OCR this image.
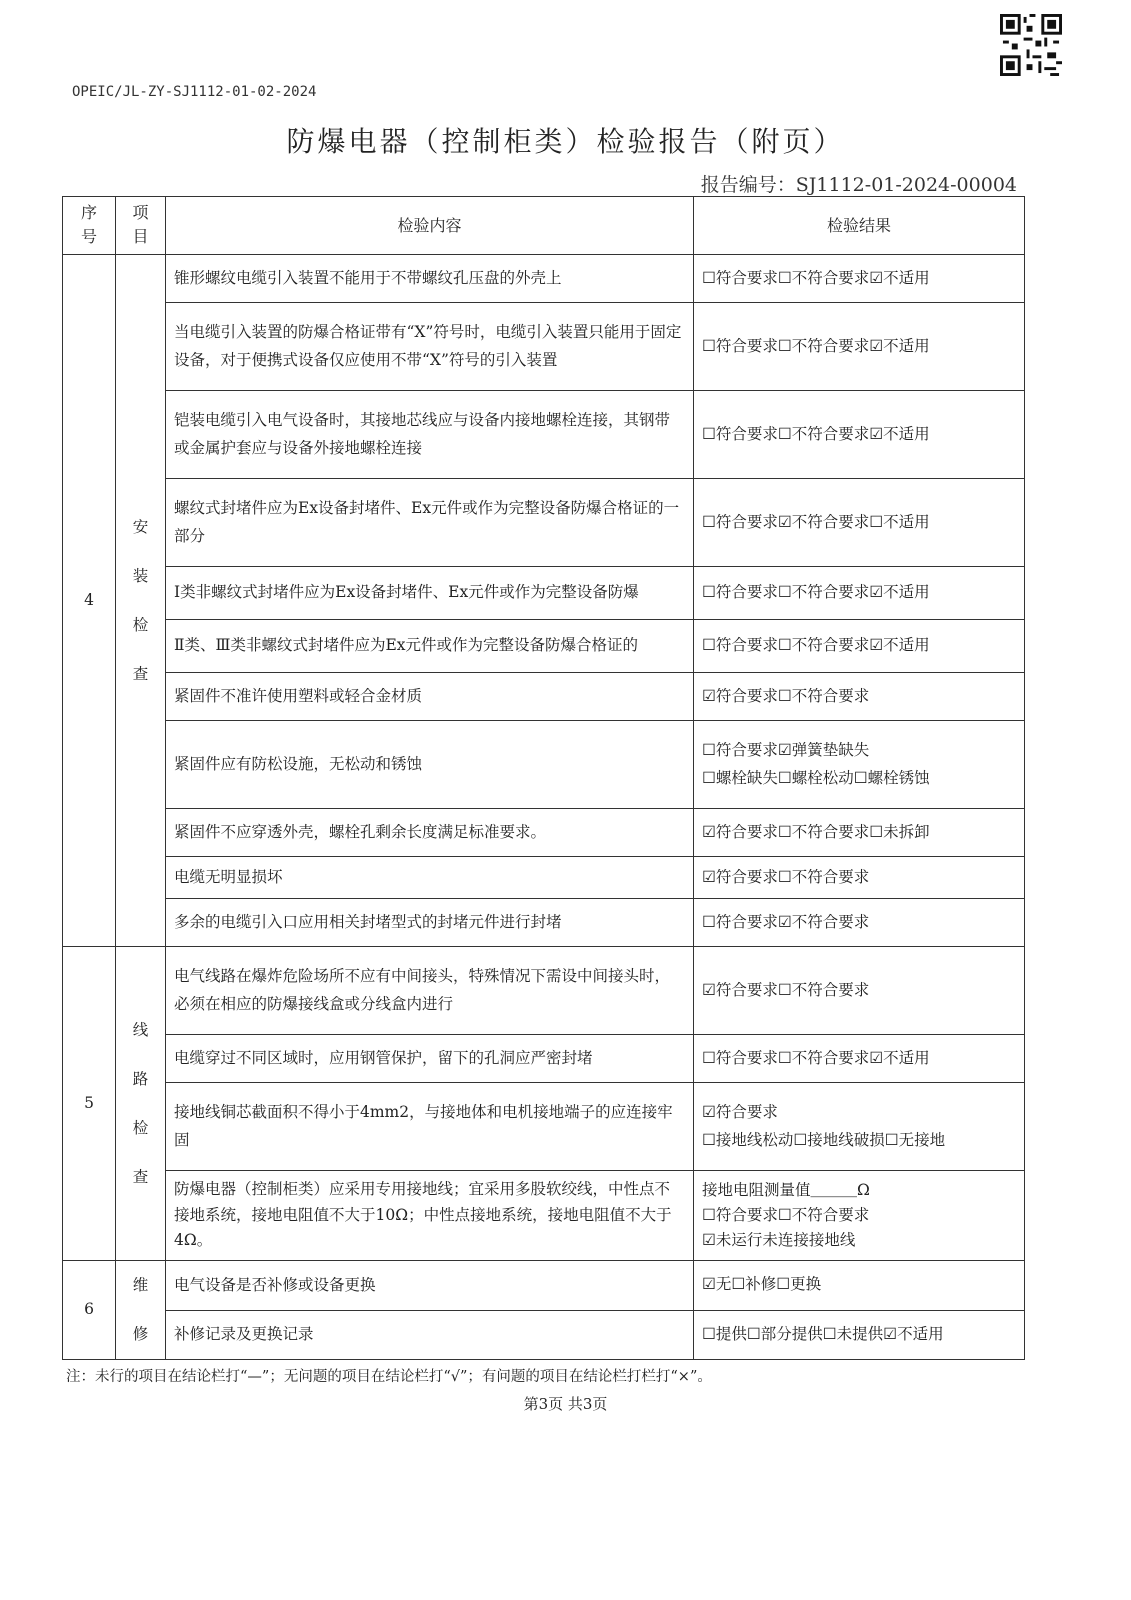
OPEIC/JL-ZY-SJ1112-01-02-2024
防爆电器（控制柜类）检验报告（附页）
报告编号：SJ1112-01-2024-00004
序号	项目	检验内容	检验结果
4	安装检查	锥形螺纹电缆引入装置不能用于不带螺纹孔压盘的外壳上	☐符合要求☐不符合要求☑不适用

		当电缆引入装置的防爆合格证带有“X”符号时，电缆引入装置只能用于固定设备，对于便携式设备仅应使用不带“X”符号的引入装置	☐符合要求☐不符合要求☑不适用

		铠装电缆引入电气设备时，其接地芯线应与设备内接地螺栓连接，其钢带或金属护套应与设备外接地螺栓连接	☐符合要求☐不符合要求☑不适用

		螺纹式封堵件应为Ex设备封堵件、Ex元件或作为完整设备防爆合格证的一部分	☐符合要求☑不符合要求☐不适用

		Ⅰ类非螺纹式封堵件应为Ex设备封堵件、Ex元件或作为完整设备防爆	☐符合要求☐不符合要求☑不适用

		Ⅱ类、Ⅲ类非螺纹式封堵件应为Ex元件或作为完整设备防爆合格证的	☐符合要求☐不符合要求☑不适用

		紧固件不准许使用塑料或轻合金材质	☑符合要求☐不符合要求

		紧固件应有防松设施，无松动和锈蚀	☐符合要求☑弹簧垫缺失
☐螺栓缺失☐螺栓松动☐螺栓锈蚀

		紧固件不应穿透外壳，螺栓孔剩余长度满足标准要求。	☑符合要求☐不符合要求☐未拆卸

		电缆无明显损坏	☑符合要求☐不符合要求

		多余的电缆引入口应用相关封堵型式的封堵元件进行封堵	☐符合要求☑不符合要求

5	线路检查	电气线路在爆炸危险场所不应有中间接头，特殊情况下需设中间接头时，必须在相应的防爆接线盒或分线盒内进行	☑符合要求☐不符合要求

		电缆穿过不同区域时，应用钢管保护，留下的孔洞应严密封堵	☐符合要求☐不符合要求☑不适用

		接地线铜芯截面积不得小于4mm2，与接地体和电机接地端子的应连接牢固	☑符合要求
☐接地线松动☐接地线破损☐无接地

		防爆电器（控制柜类）应采用专用接地线；宜采用多股软绞线，中性点不接地系统，接地电阻值不大于10Ω；中性点接地系统，接地电阻值不大于4Ω。	接地电阻测量值＿＿＿Ω
☐符合要求☐不符合要求
☑未运行未连接接地线

6	维修	电气设备是否补修或设备更换	☑无☐补修☐更换

		补修记录及更换记录	☐提供☐部分提供☐未提供☑不适用
注：未行的项目在结论栏打“—”；无问题的项目在结论栏打“√”；有问题的项目在结论栏打栏打“×”。
第3页 共3页
